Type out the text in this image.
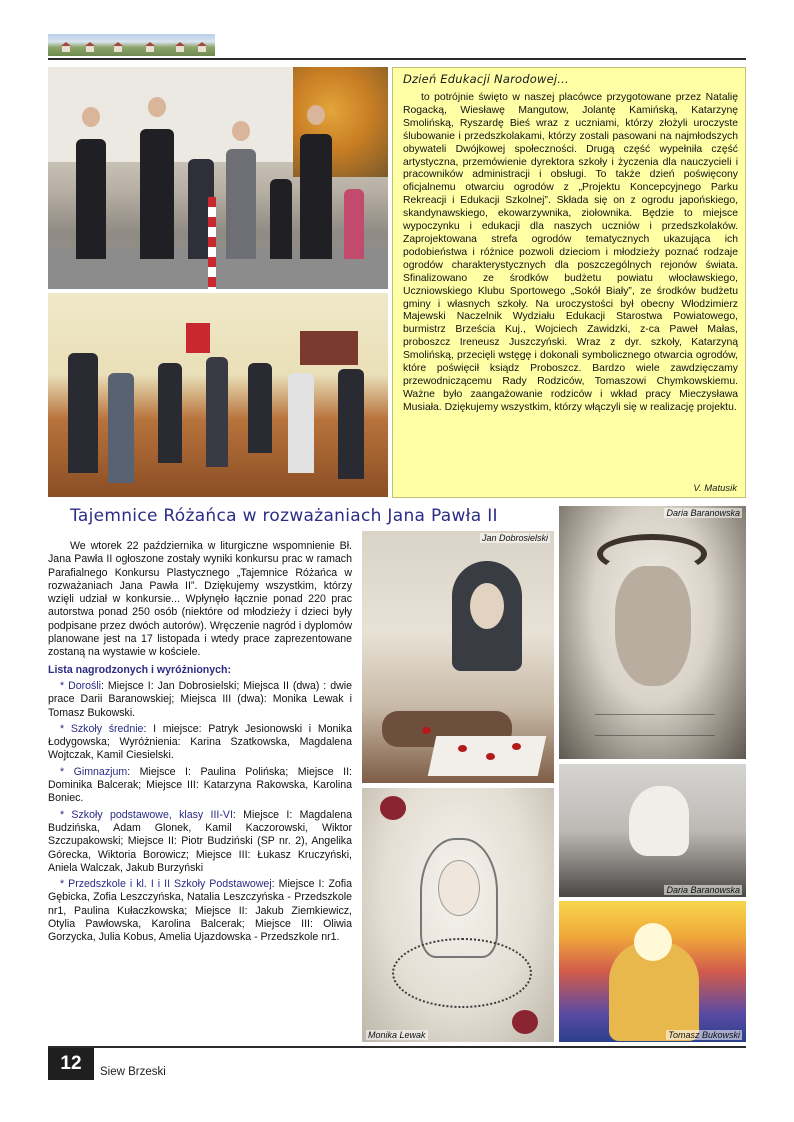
Dzień Edukacji Narodowej...
to potrójnie święto w naszej placówce przygotowane przez Natalię Rogacką, Wiesławę Mangutow, Jolantę Kamińską, Katarzynę Smolińską, Ryszardę Bieś wraz z uczniami, którzy złożyli uroczyste ślubowanie i przedszkolakami, którzy zostali pasowani na najmłodszych obywateli Dwójkowej społeczności. Drugą część wypełniła część artystyczna, przemówienie dyrektora szkoły i życzenia dla nauczycieli i pracowników administracji i obsługi. To także dzień poświęcony oficjalnemu otwarciu ogrodów z „Projektu Koncepcyjnego Parku Rekreacji i Edukacji Szkolnej”. Składa się on z ogrodu japońskiego, skandynawskiego, ekowarzywnika, ziołownika. Będzie to miejsce wypoczynku i edukacji dla naszych uczniów i przedszkolaków. Zaprojektowana strefa ogrodów tematycznych ukazująca ich podobieństwa i różnice pozwoli dzieciom i młodzieży poznać rodzaje ogrodów charakterystycznych dla poszczególnych rejonów świata. Sfinalizowano ze środków budżetu powiatu włocławskiego, Uczniowskiego Klubu Sportowego „Sokół Biały”, ze środków budżetu gminy i własnych szkoły. Na uroczystości był obecny Włodzimierz Majewski Naczelnik Wydziału Edukacji Starostwa Powiatowego, burmistrz Brześcia Kuj., Wojciech Zawidzki, z-ca Paweł Małas, proboszcz Ireneusz Juszczyński. Wraz z dyr. szkoły, Katarzyną Smolińską, przecięli wstęgę i dokonali symbolicznego otwarcia ogrodów, które poświęcił ksiądz Proboszcz. Bardzo wiele zawdzięczamy przewodniczącemu Rady Rodziców, Tomaszowi Chymkowskiemu. Ważne było zaangażowanie rodziców i wkład pracy Mieczysława Musiała. Dziękujemy wszystkim, którzy włączyli się w realizację projektu.
V. Matusik
Tajemnice Różańca w rozważaniach Jana Pawła II

We wtorek 22 października w liturgiczne wspomnienie Bł. Jana Pawła II ogłoszone zostały wyniki konkursu prac w ramach Parafialnego Konkursu Plastycznego „Tajemnice Różańca w rozważaniach Jana Pawła II”. Dziękujemy wszystkim, którzy wzięli udział w konkursie... Wpłynęło łącznie ponad 220 prac autorstwa ponad 250 osób (niektóre od młodzieży i dzieci były podpisane przez dwóch autorów). Wręczenie nagród i dyplomów planowane jest na 17 listopada i wtedy prace zaprezentowane zostaną na wystawie w kościele.

Lista nagrodzonych i wyróżnionych:

* Dorośli: Miejsce I: Jan Dobrosielski; Miejsca II (dwa) : dwie prace Darii Baranowskiej; Miejsca III (dwa): Monika Lewak i Tomasz Bukowski.

* Szkoły średnie: I miejsce: Patryk Jesionowski i Monika Łodygowska; Wyróżnienia: Karina Szatkowska, Magdalena Wojtczak, Kamil Ciesielski.

* Gimnazjum: Miejsce I: Paulina Polińska; Miejsce II: Dominika Balcerak; Miejsce III: Katarzyna Rakowska, Karolina Boniec.

* Szkoły podstawowe, klasy III-VI: Miejsce I: Magdalena Budzińska, Adam Glonek, Kamil Kaczorowski, Wiktor Szczupakowski; Miejsce II: Piotr Budziński (SP nr. 2), Angelika Górecka, Wiktoria Borowicz; Miejsce III: Łukasz Kruczyński, Aniela Walczak, Jakub Burzyński

* Przedszkole i kl. I i II Szkoły Podstawowej: Miejsce I: Zofia Gębicka, Zofia Leszczyńska, Natalia Leszczyńska - Przedszkole nr1, Paulina Kułaczkowska; Miejsce II: Jakub Ziemkiewicz, Otylia Pawłowska, Karolina Balcerak; Miejsce III: Oliwia Gorzycka, Julia Kobus, Amelia Ujazdowska - Przedszkole nr1.

Jan Dobrosielski
Daria Baranowska
Daria Baranowska
Tomasz Bukowski
Monika Lewak
12	Siew Brzeski
